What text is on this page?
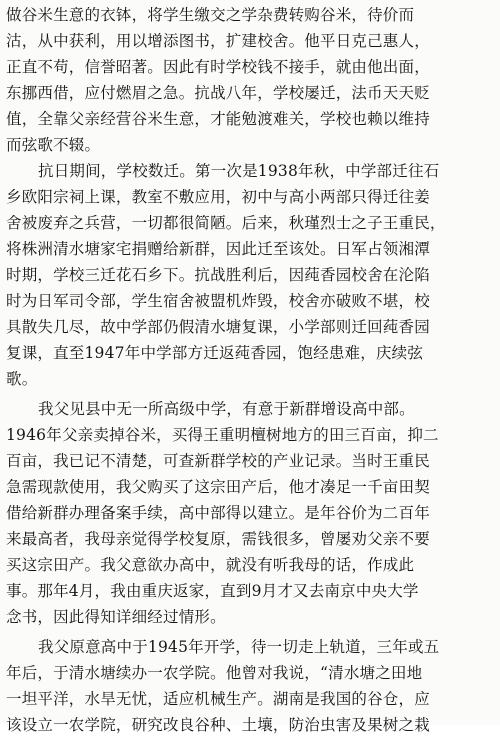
做谷米生意的衣钵，将学生缴交之学杂费转购谷米，待价而
沽，从中获利，用以增添图书，扩建校舍。他平日克己惠人，
正直不苟，信誉昭著。因此有时学校钱不接手，就由他出面，
东挪西借，应付燃眉之急。抗战八年，学校屡迁，法币天天贬
值，全靠父亲经营谷米生意，才能勉渡难关，学校也赖以维持
而弦歌不辍。
抗日期间，学校数迁。第一次是1938年秋，中学部迁往石
乡欧阳宗祠上课，教室不敷应用，初中与高小两部只得迁往姜
舍被废弃之兵营，一切都很简陋。后来，秋瑾烈士之子王重民，
将株洲清水塘家宅捐赠给新群，因此迁至该处。日军占领湘潭
时期，学校三迁花石乡下。抗战胜利后，因莼香园校舍在沦陷
时为日军司令部，学生宿舍被盟机炸毁，校舍亦破败不堪，校
具散失几尽，故中学部仍假清水塘复课，小学部则迁回莼香园
复课，直至1947年中学部方迁返莼香园，饱经患难，庆续弦
歌。
我父见县中无一所高级中学，有意于新群增设高中部。
1946年父亲卖掉谷米，买得王重明檀树地方的田三百亩，抑二
百亩，我已记不清楚，可查新群学校的产业记录。当时王重民
急需现款使用，我父购买了这宗田产后，他才凑足一千亩田契
借给新群办理备案手续，高中部得以建立。是年谷价为二百年
来最高者，我母亲觉得学校复原，需钱很多，曾屡劝父亲不要
买这宗田产。我父意欲办高中，就没有听我母的话，作成此
事。那年4月，我由重庆返家，直到9月才又去南京中央大学
念书，因此得知详细经过情形。
我父原意高中于1945年开学，待一切走上轨道，三年或五
年后，于清水塘续办一农学院。他曾对我说，“清水塘之田地
一坦平洋，水旱无忧，适应机械生产。湖南是我国的谷仓，应
该设立一农学院，研究改良谷种、土壤，防治虫害及果树之栽
